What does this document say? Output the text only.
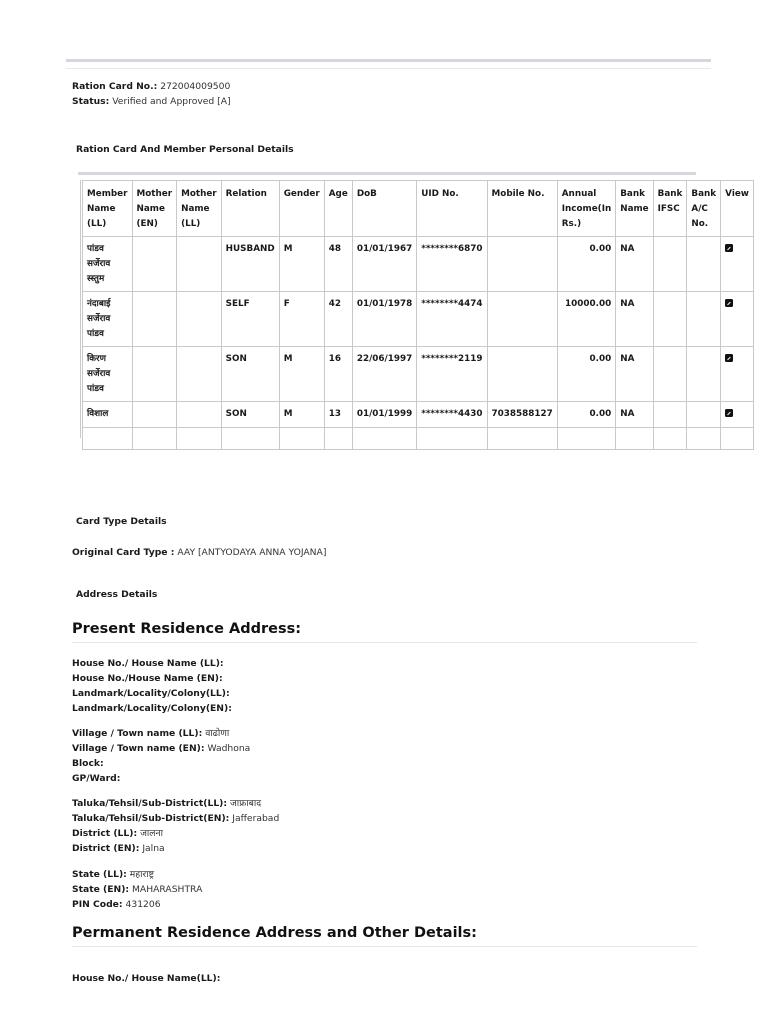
Ration Card No.: 272004009500
Status: Verified and Approved [A]
Ration Card And Member Personal Details
Member Name (LL)	Mother Name (EN)	Mother Name (LL)	Relation	Gender	Age	DoB	UID No.	Mobile No.	Annual Income(In Rs.)	Bank Name	Bank IFSC	Bank A/C No.	View
पांडव सर्जेराव स्स्तुम			HUSBAND	M	48	01/01/1967	********6870		0.00	NA			
नंदाबाई सर्जेराव पांडव			SELF	F	42	01/01/1978	********4474		10000.00	NA			
किरण सर्जेराव पांडव			SON	M	16	22/06/1997	********2119		0.00	NA			
विशाल			SON	M	13	01/01/1999	********4430	7038588127	0.00	NA			

Card Type Details
Original Card Type : AAY [ANTYODAYA ANNA YOJANA]
Address Details
Present Residence Address:
House No./ House Name (LL):
House No./House Name (EN):
Landmark/Locality/Colony(LL):
Landmark/Locality/Colony(EN):
Village / Town name (LL): वाढोणा
Village / Town name (EN): Wadhona
Block:
GP/Ward:
Taluka/Tehsil/Sub-District(LL): जाफ्राबाद
Taluka/Tehsil/Sub-District(EN): Jafferabad
District (LL): जालना
District (EN): Jalna
State (LL): महाराष्ट्र
State (EN): MAHARASHTRA
PIN Code: 431206
Permanent Residence Address and Other Details:
House No./ House Name(LL):
